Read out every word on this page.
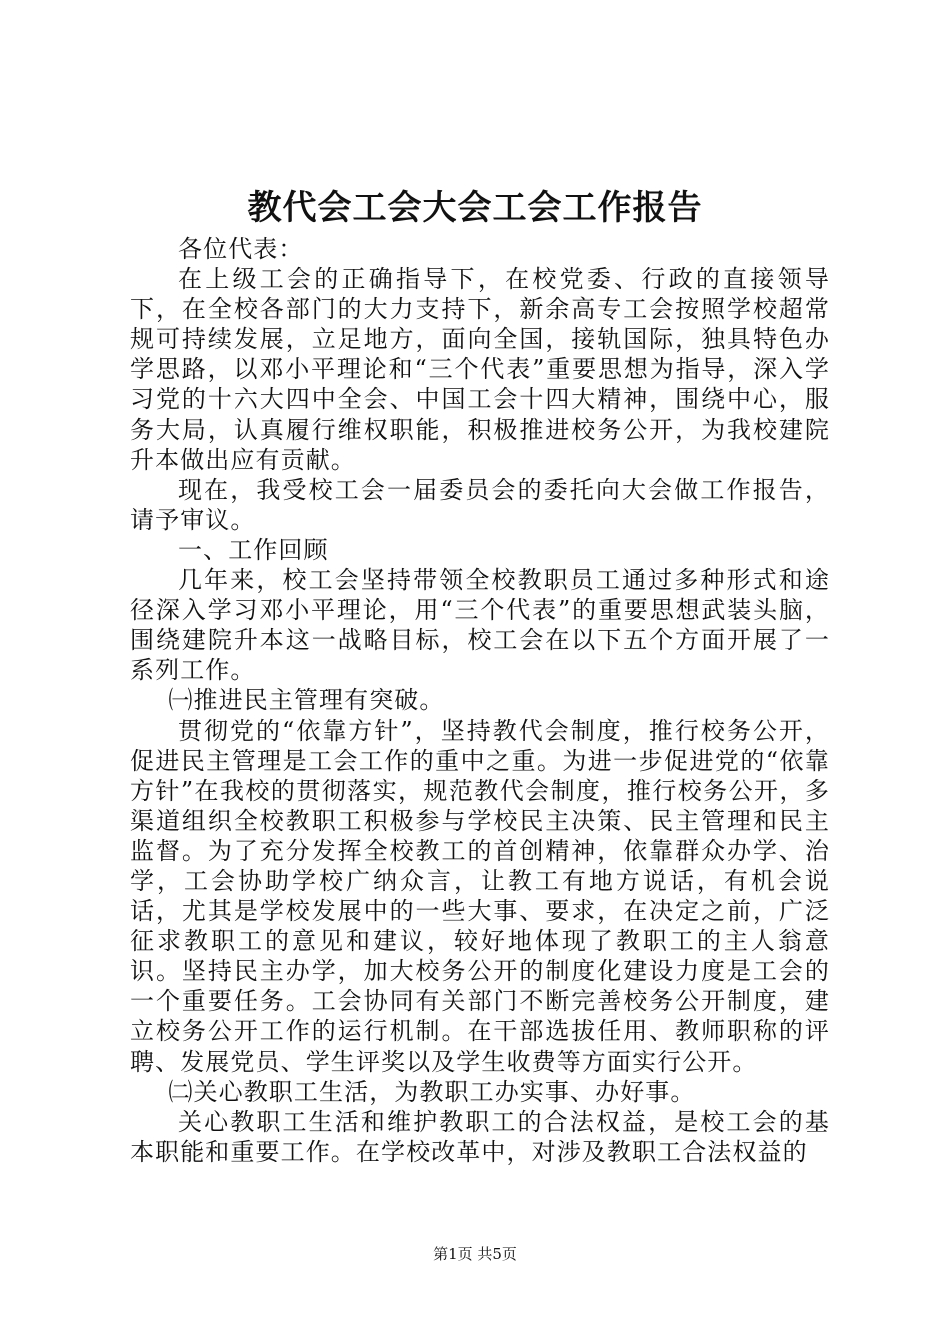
教代会工会大会工会工作报告

各位代表：

在上级工会的正确指导下，在校党委、行政的直接领导下，在全校各部门的大力支持下，新余高专工会按照学校超常规可持续发展，立足地方，面向全国，接轨国际，独具特色办学思路，以邓小平理论和“三个代表”重要思想为指导，深入学习党的十六大四中全会、中国工会十四大精神，围绕中心，服务大局，认真履行维权职能，积极推进校务公开，为我校建院升本做出应有贡献。

现在，我受校工会一届委员会的委托向大会做工作报告，请予审议。

一、工作回顾

几年来，校工会坚持带领全校教职员工通过多种形式和途径深入学习邓小平理论，用“三个代表”的重要思想武装头脑，围绕建院升本这一战略目标，校工会在以下五个方面开展了一系列工作。

㈠推进民主管理有突破。

贯彻党的“依靠方针”，坚持教代会制度，推行校务公开，促进民主管理是工会工作的重中之重。为进一步促进党的“依靠方针”在我校的贯彻落实，规范教代会制度，推行校务公开，多渠道组织全校教职工积极参与学校民主决策、民主管理和民主监督。为了充分发挥全校教工的首创精神，依靠群众办学、治学，工会协助学校广纳众言，让教工有地方说话，有机会说话，尤其是学校发展中的一些大事、要求，在决定之前，广泛征求教职工的意见和建议，较好地体现了教职工的主人翁意识。坚持民主办学，加大校务公开的制度化建设力度是工会的一个重要任务。工会协同有关部门不断完善校务公开制度，建立校务公开工作的运行机制。在干部选拔任用、教师职称的评聘、发展党员、学生评奖以及学生收费等方面实行公开。

㈡关心教职工生活，为教职工办实事、办好事。

关心教职工生活和维护教职工的合法权益，是校工会的基本职能和重要工作。在学校改革中，对涉及教职工合法权益的

第1页 共5页
